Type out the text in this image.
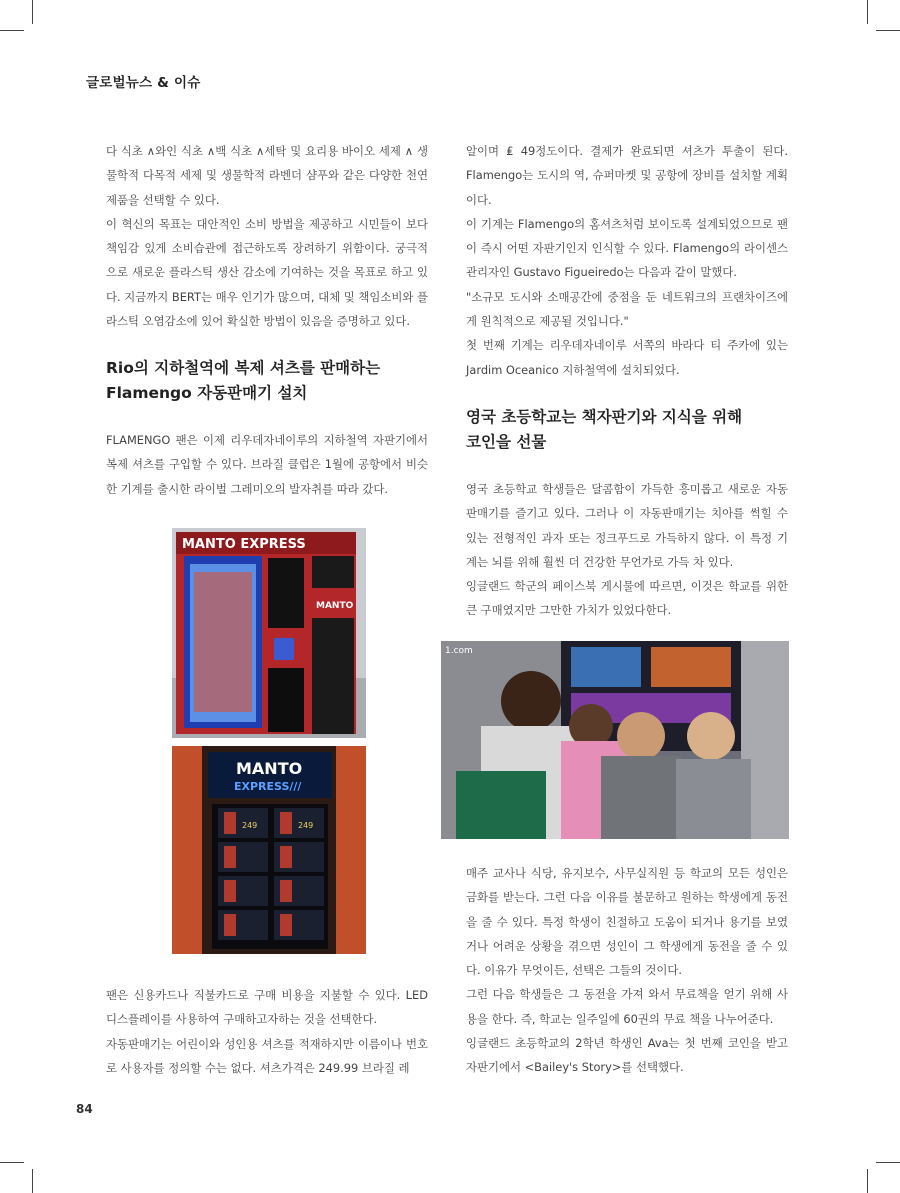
글로벌뉴스 & 이슈

다 식초 ∧와인 식초 ∧백 식초 ∧세탁 및 요리용 바이오 세제 ∧ 생물학적 다목적 세제 및 생물학적 라벤더 샴푸와 같은 다양한 천연 제품을 선택할 수 있다.

이 혁신의 목표는 대안적인 소비 방법을 제공하고 시민들이 보다 책임감 있게 소비습관에 접근하도록 장려하기 위함이다. 궁극적으로 새로운 플라스틱 생산 감소에 기여하는 것을 목표로 하고 있다. 지금까지 BERT는 매우 인기가 많으며, 대체 및 책임소비와 플라스틱 오염감소에 있어 확실한 방법이 있음을 증명하고 있다.

Rio의 지하철역에 복제 셔츠를 판매하는

Flamengo 자동판매기 설치

FLAMENGO 팬은 이제 리우데자네이루의 지하철역 자판기에서 복제 셔츠를 구입할 수 있다. 브라질 클럽은 1월에 공항에서 비슷한 기계를 출시한 라이벌 그레미오의 발자취를 따라 갔다.

MANTO EXPRESS
MANTO
MANTO
EXPRESS///
249	249

팬은 신용카드나 직불카드로 구매 비용을 지불할 수 있다. LED 디스플레이를 사용하여 구매하고자하는 것을 선택한다.

자동판매기는 어린이와 성인용 셔츠를 적재하지만 이름이나 번호로 사용자를 정의할 수는 없다. 셔츠가격은 249.99 브라질 레

알이며 ₤ 49정도이다. 결제가 완료되면 셔츠가 투출이 된다. Flamengo는 도시의 역, 슈퍼마켓 및 공항에 장비를 설치할 계획이다.

이 기계는 Flamengo의 홈셔츠처럼 보이도록 설계되었으므로 팬이 즉시 어떤 자판기인지 인식할 수 있다. Flamengo의 라이센스 관리자인 Gustavo Figueiredo는 다음과 같이 말했다.

"소규모 도시와 소매공간에 중점을 둔 네트워크의 프랜차이즈에게 원칙적으로 제공될 것입니다."

첫 번째 기계는 리우데자네이루 서쪽의 바라다 티 주카에 있는 Jardim Oceanico 지하철역에 설치되었다.

영국 초등학교는 책자판기와 지식을 위해

코인을 선물

영국 초등학교 학생들은 달콤함이 가득한 흥미롭고 새로운 자동판매기를 즐기고 있다. 그러나 이 자동판매기는 치아를 썩힐 수 있는 전형적인 과자 또는 정크푸드로 가득하지 않다. 이 특정 기계는 뇌를 위해 훨씬 더 건강한 무언가로 가득 차 있다.

잉글랜드 학군의 페이스북 게시물에 따르면, 이것은 학교를 위한 큰 구매였지만 그만한 가치가 있었다한다.

1.com

매주 교사나 식당, 유지보수, 사무실직원 등 학교의 모든 성인은 금화를 받는다. 그런 다음 이유를 불문하고 원하는 학생에게 동전을 줄 수 있다. 특정 학생이 친절하고 도움이 되거나 용기를 보였거나 어려운 상황을 겪으면 성인이 그 학생에게 동전을 줄 수 있다. 이유가 무엇이든, 선택은 그들의 것이다.

그런 다음 학생들은 그 동전을 가져 와서 무료책을 얻기 위해 사용을 한다. 즉, 학교는 일주일에 60권의 무료 책을 나누어준다.

잉글랜드 초등학교의 2학년 학생인 Ava는 첫 번째 코인을 받고 자판기에서 <Bailey's Story>를 선택했다.

84
